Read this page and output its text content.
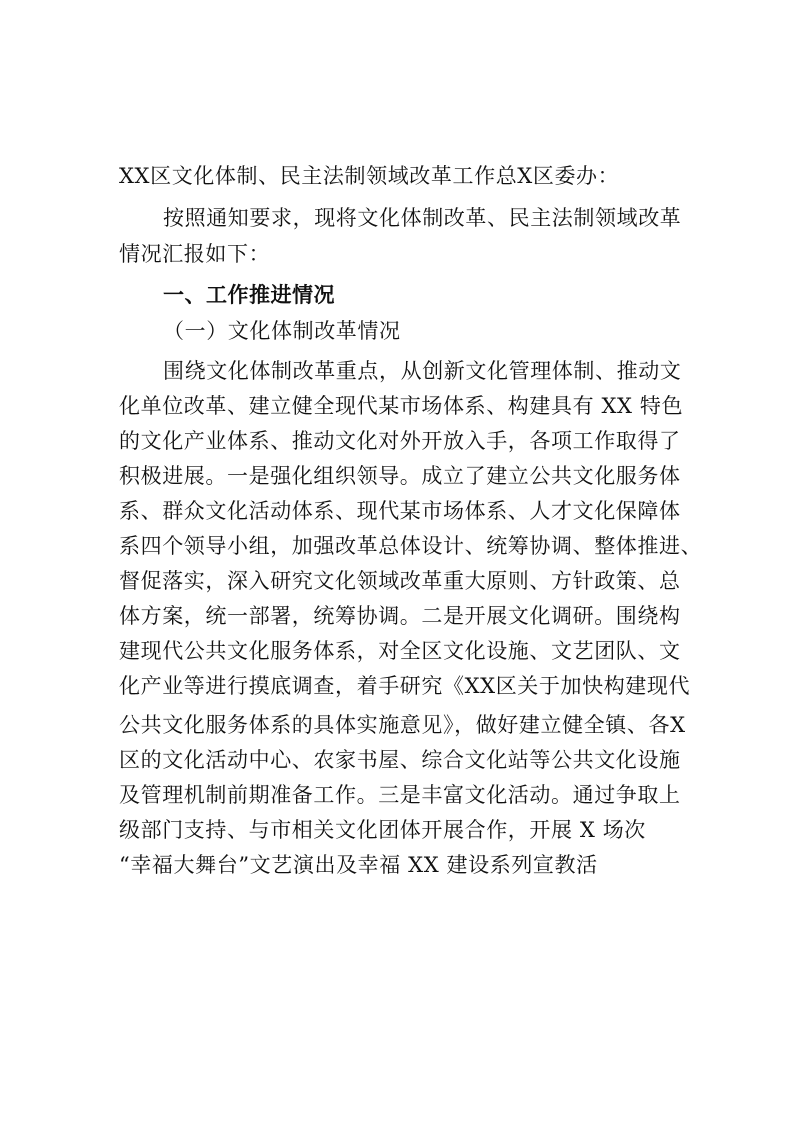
XX区文化体制、民主法制领域改革工作总X区委办：
按照通知要求，现将文化体制改革、民主法制领域改革
情况汇报如下：
一、工作推进情况
（一）文化体制改革情况
围绕文化体制改革重点，从创新文化管理体制、推动文
化单位改革、建立健全现代某市场体系、构建具有 XX 特色
的文化产业体系、推动文化对外开放入手，各项工作取得了
积极进展。一是强化组织领导。成立了建立公共文化服务体
系、群众文化活动体系、现代某市场体系、人才文化保障体
系四个领导小组，加强改革总体设计、统筹协调、整体推进、
督促落实，深入研究文化领域改革重大原则、方针政策、总
体方案，统一部署，统筹协调。二是开展文化调研。围绕构
建现代公共文化服务体系，对全区文化设施、文艺团队、文
化产业等进行摸底调查，着手研究《XX区关于加快构建现代
公共文化服务体系的具体实施意见》，做好建立健全镇、各X
区的文化活动中心、农家书屋、综合文化站等公共文化设施
及管理机制前期准备工作。三是丰富文化活动。通过争取上
级部门支持、与市相关文化团体开展合作，开展 X 场次
“幸福大舞台”文艺演出及幸福 XX 建设系列宣教活
